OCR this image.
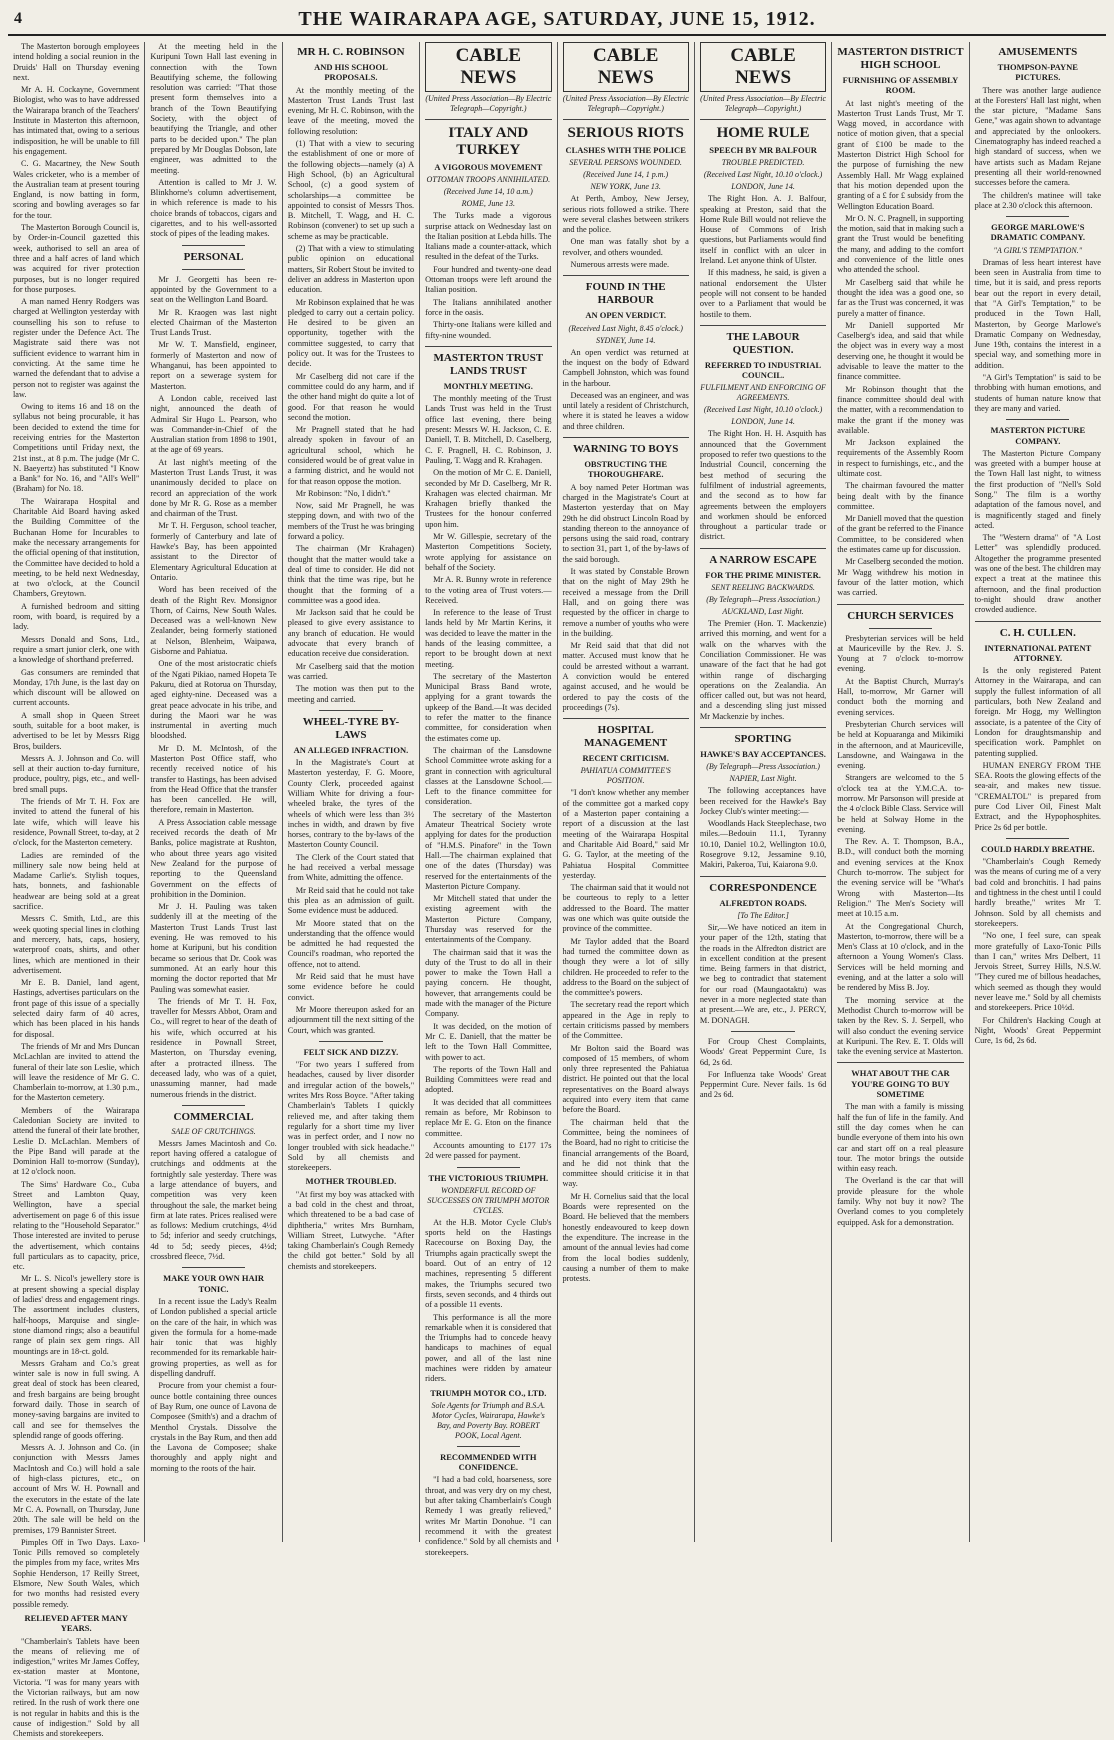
4	THE WAIRARAPA AGE, SATURDAY, JUNE 15, 1912.

The Masterton borough employees intend holding a social reunion in the Druids' Hall on Thursday evening next.

Mr A. H. Cockayne, Government Biologist, who was to have addressed the Wairarapa branch of the Teachers' Institute in Masterton this afternoon, has intimated that, owing to a serious indisposition, he will be unable to fill his engagement.

C. G. Macartney, the New South Wales cricketer, who is a member of the Australian team at present touring England, is now batting in form, scoring and bowling averages so far for the tour.

The Masterton Borough Council is, by Order-in-Council gazetted this week, authorised to sell an area of three and a half acres of land which was acquired for river protection purposes, but is no longer required for those purposes.

A man named Henry Rodgers was charged at Wellington yesterday with counselling his son to refuse to register under the Defence Act. The Magistrate said there was not sufficient evidence to warrant him in convicting. At the same time he warned the defendant that to advise a person not to register was against the law.

Owing to items 16 and 18 on the syllabus not being procurable, it has been decided to extend the time for receiving entries for the Masterton Competitions until Friday next, the 21st inst., at 8 p.m. The judge (Mr C. N. Baeyertz) has substituted "I Know a Bank" for No. 16, and "All's Well" (Braham) for No. 18.

The Wairarapa Hospital and Charitable Aid Board having asked the Building Committee of the Buchanan Home for Incurables to make the necessary arrangements for the official opening of that institution, the Committee have decided to hold a meeting, to be held next Wednesday, at two o'clock, at the Council Chambers, Greytown.

A furnished bedroom and sitting room, with board, is required by a lady.

Messrs Donald and Sons, Ltd., require a smart junior clerk, one with a knowledge of shorthand preferred.

Gas consumers are reminded that Monday, 17th June, is the last day on which discount will be allowed on current accounts.

A small shop in Queen Street south, suitable for a boot maker, is advertised to be let by Messrs Rigg Bros, builders.

Messrs A. J. Johnson and Co. will sell at their auction to-day furniture, produce, poultry, pigs, etc., and well-bred small pups.

The friends of Mr T. H. Fox are invited to attend the funeral of his late wife, which will leave his residence, Pownall Street, to-day, at 2 o'clock, for the Masterton cemetery.

Ladies are reminded of the millinery sale now being held at Madame Carlie's. Stylish toques, hats, bonnets, and fashionable headwear are being sold at a great sacrifice.

Messrs C. Smith, Ltd., are this week quoting special lines in clothing and mercery, hats, caps, hosiery, waterproof coats, shirts, and other lines, which are mentioned in their advertisement.

Mr E. B. Daniel, land agent, Hastings, advertises particulars on the front page of this issue of a specially selected dairy farm of 40 acres, which has been placed in his hands for disposal.

The friends of Mr and Mrs Duncan McLachlan are invited to attend the funeral of their late son Leslie, which will leave the residence of Mr G. C. Chamberlain to-morrow, at 1.30 p.m., for the Masterton cemetery.

Members of the Wairarapa Caledonian Society are invited to attend the funeral of their late brother, Leslie D. McLachlan. Members of the Pipe Band will parade at the Dominion Hall to-morrow (Sunday), at 12 o'clock noon.

The Sims' Hardware Co., Cuba Street and Lambton Quay, Wellington, have a special advertisement on page 6 of this issue relating to the "Household Separator." Those interested are invited to peruse the advertisement, which contains full particulars as to capacity, price, etc.

Mr L. S. Nicol's jewellery store is at present showing a special display of ladies' dress and engagement rings. The assortment includes clusters, half-hoops, Marquise and single-stone diamond rings; also a beautiful range of plain sex gem rings. All mountings are in 18-ct. gold.

Messrs Graham and Co.'s great winter sale is now in full swing. A great deal of stock has been cleared, and fresh bargains are being brought forward daily. Those in search of money-saving bargains are invited to call and see for themselves the splendid range of goods offering.

Messrs A. J. Johnson and Co. (in conjunction with Messrs James MacIntosh and Co.) will hold a sale of high-class pictures, etc., on account of Mrs W. H. Pownall and the executors in the estate of the late Mr C. A. Pownall, on Thursday, June 20th. The sale will be held on the premises, 179 Bannister Street.

Pimples Off in Two Days. Laxo-Tonic Pills removed so completely the pimples from my face, writes Mrs Sophie Henderson, 17 Reilly Street, Elsmore, New South Wales, which for two months had resisted every possible remedy.

RELIEVED AFTER MANY YEARS.

"Chamberlain's Tablets have been the means of relieving me of indigestion," writes Mr James Coffey, ex-station master at Montone, Victoria. "I was for many years with the Victorian railways, but am now retired. In the rush of work there one is not regular in habits and this is the cause of indigestion." Sold by all Chemists and storekeepers.

At the meeting held in the Kuripuni Town Hall last evening in connection with the Town Beautifying scheme, the following resolution was carried: "That those present form themselves into a branch of the Town Beautifying Society, with the object of beautifying the Triangle, and other parts to be decided upon." The plan prepared by Mr Douglas Dobson, late engineer, was admitted to the meeting.

Attention is called to Mr J. W. Blinkhorne's column advertisement, in which reference is made to his choice brands of tobaccos, cigars and cigarettes, and to his well-assorted stock of pipes of the leading makes.

PERSONAL

Mr J. Georgetti has been re-appointed by the Government to a seat on the Wellington Land Board.

Mr R. Kraogen was last night elected Chairman of the Masterton Trust Lands Trust.

Mr W. T. Mansfield, engineer, formerly of Masterton and now of Whanganui, has been appointed to report on a sewerage system for Masterton.

A London cable, received last night, announced the death of Admiral Sir Hugo L. Pearson, who was Commander-in-Chief of the Australian station from 1898 to 1901, at the age of 69 years.

At last night's meeting of the Masterton Trust Lands Trust, it was unanimously decided to place on record an appreciation of the work done by Mr R. G. Rose as a member and chairman of the Trust.

Mr T. H. Ferguson, school teacher, formerly of Canterbury and late of Hawke's Bay, has been appointed assistant to the Director of Elementary Agricultural Education at Ontario.

Word has been received of the death of the Right Rev. Monsignor Thorn, of Cairns, New South Wales. Deceased was a well-known New Zealander, being formerly stationed at Nelson, Blenheim, Waipawa, Gisborne and Pahiatua.

One of the most aristocratic chiefs of the Ngati Pikiao, named Hopeta Te Pakuru, died at Rotorua on Thursday, aged eighty-nine. Deceased was a great peace advocate in his tribe, and during the Maori war he was instrumental in averting much bloodshed.

Mr D. M. McIntosh, of the Masterton Post Office staff, who recently received notice of his transfer to Hastings, has been advised from the Head Office that the transfer has been cancelled. He will, therefore, remain in Masterton.

A Press Association cable message received records the death of Mr Banks, police magistrate at Rushton, who about three years ago visited New Zealand for the purpose of reporting to the Queensland Government on the effects of prohibition in the Dominion.

Mr J. H. Pauling was taken suddenly ill at the meeting of the Masterton Trust Lands Trust last evening. He was removed to his home at Kuripuni, but his condition became so serious that Dr. Cook was summoned. At an early hour this morning the doctor reported that Mr Pauling was somewhat easier.

The friends of Mr T. H. Fox, traveller for Messrs Abbot, Oram and Co., will regret to hear of the death of his wife, which occurred at his residence in Pownall Street, Masterton, on Thursday evening, after a protracted illness. The deceased lady, who was of a quiet, unassuming manner, had made numerous friends in the district.

COMMERCIAL
SALE OF CRUTCHINGS.

Messrs James Macintosh and Co. report having offered a catalogue of crutchings and oddments at the fortnightly sale yesterday. There was a large attendance of buyers, and competition was very keen throughout the sale, the market being firm at late rates. Prices realised were as follows: Medium crutchings, 4½d to 5d; inferior and seedy crutchings, 4d to 5d; seedy pieces, 4½d; crossbred fleece, 7½d.

MAKE YOUR OWN HAIR TONIC.

In a recent issue the Lady's Realm of London published a special article on the care of the hair, in which was given the formula for a home-made hair tonic that was highly recommended for its remarkable hair-growing properties, as well as for dispelling dandruff.

Procure from your chemist a four-ounce bottle containing three ounces of Bay Rum, one ounce of Lavona de Composee (Smith's) and a drachm of Menthol Crystals. Dissolve the crystals in the Bay Rum, and then add the Lavona de Composee; shake thoroughly and apply night and morning to the roots of the hair.

MR H. C. ROBINSON
AND HIS SCHOOL PROPOSALS.

At the monthly meeting of the Masterton Trust Lands Trust last evening, Mr H. C. Robinson, with the leave of the meeting, moved the following resolution:

(1) That with a view to securing the establishment of one or more of the following objects—namely (a) A High School, (b) an Agricultural School, (c) a good system of scholarships—a committee be appointed to consist of Messrs Thos. B. Mitchell, T. Wagg, and H. C. Robinson (convener) to set up such a scheme as may be practicable.

(2) That with a view to stimulating public opinion on educational matters, Sir Robert Stout be invited to deliver an address in Masterton upon education.

Mr Robinson explained that he was pledged to carry out a certain policy. He desired to be given an opportunity, together with the committee suggested, to carry that policy out. It was for the Trustees to decide.

Mr Caselberg did not care if the committee could do any harm, and if the other hand might do quite a lot of good. For that reason he would second the motion.

Mr Pragnell stated that he had already spoken in favour of an agricultural school, which he considered would be of great value in a farming district, and he would not for that reason oppose the motion.

Mr Robinson: "No, I didn't."

Now, said Mr Pragnell, he was stepping down, and with two of the members of the Trust he was bringing forward a policy.

The chairman (Mr Krahagen) thought that the matter would take a deal of time to consider. He did not think that the time was ripe, but he thought that the forming of a committee was a good idea.

Mr Jackson said that he could be pleased to give every assistance to any branch of education. He would advocate that every branch of education receive due consideration.

Mr Caselberg said that the motion was carried.

The motion was then put to the meeting and carried.

WHEEL-TYRE BY-LAWS
AN ALLEGED INFRACTION.

In the Magistrate's Court at Masterton yesterday, F. G. Moore, County Clerk, proceeded against William White for driving a four-wheeled brake, the tyres of the wheels of which were less than 3½ inches in width, and drawn by five horses, contrary to the by-laws of the Masterton County Council.

The Clerk of the Court stated that he had received a verbal message from White, admitting the offence.

Mr Reid said that he could not take this plea as an admission of guilt. Some evidence must be adduced.

Mr Moore stated that on the understanding that the offence would be admitted he had requested the Council's roadman, who reported the offence, not to attend.

Mr Reid said that he must have some evidence before he could convict.

Mr Moore thereupon asked for an adjournment till the next sitting of the Court, which was granted.

FELT SICK AND DIZZY.

"For two years I suffered from headaches, caused by liver disorder and irregular action of the bowels," writes Mrs Ross Boyce. "After taking Chamberlain's Tablets I quickly relieved me, and after taking them regularly for a short time my liver was in perfect order, and I now no longer troubled with sick headache." Sold by all chemists and storekeepers.

MOTHER TROUBLED.

"At first my boy was attacked with a bad cold in the chest and throat, which threatened to be a bad case of diphtheria," writes Mrs Burnham, William Street, Lutwyche. "After taking Chamberlain's Cough Remedy the child got better." Sold by all chemists and storekeepers.

CABLE NEWS
(United Press Association—By Electric Telegraph—Copyright.)
ITALY AND TURKEY
A VIGOROUS MOVEMENT
OTTOMAN TROOPS ANNIHILATED.
(Received June 14, 10 a.m.)
ROME, June 13.

The Turks made a vigorous surprise attack on Wednesday last on the Italian position at Lebda hills. The Italians made a counter-attack, which resulted in the defeat of the Turks.

Four hundred and twenty-one dead Ottoman troops were left around the Italian position.

The Italians annihilated another force in the oasis.

Thirty-one Italians were killed and fifty-nine wounded.

MASTERTON TRUST LANDS TRUST
MONTHLY MEETING.

The monthly meeting of the Trust Lands Trust was held in the Trust office last evening, there being present: Messrs W. H. Jackson, C. E. Daniell, T. B. Mitchell, D. Caselberg, C. F. Pragnell, H. C. Robinson, J. Pauling, T. Wagg and R. Krahagen.

On the motion of Mr C. E. Daniell, seconded by Mr D. Caselberg, Mr R. Krahagen was elected chairman. Mr Krahagen briefly thanked the Trustees for the honour conferred upon him.

Mr W. Gillespie, secretary of the Masterton Competitions Society, wrote applying for assistance on behalf of the Society.

Mr A. R. Bunny wrote in reference to the voting area of Trust voters.—Received.

In reference to the lease of Trust lands held by Mr Martin Kerins, it was decided to leave the matter in the hands of the leasing committee, a report to be brought down at next meeting.

The secretary of the Masterton Municipal Brass Band wrote, applying for a grant towards the upkeep of the Band.—It was decided to refer the matter to the finance committee, for consideration when the estimates come up.

The chairman of the Lansdowne School Committee wrote asking for a grant in connection with agricultural classes at the Lansdowne School.—Left to the finance committee for consideration.

The secretary of the Masterton Amateur Theatrical Society wrote applying for dates for the production of "H.M.S. Pinafore" in the Town Hall.—The chairman explained that one of the dates (Thursday) was reserved for the entertainments of the Masterton Picture Company.

Mr Mitchell stated that under the existing agreement with the Masterton Picture Company, Thursday was reserved for the entertainments of the Company.

The chairman said that it was the duty of the Trust to do all in their power to make the Town Hall a paying concern. He thought, however, that arrangements could be made with the manager of the Picture Company.

It was decided, on the motion of Mr C. E. Daniell, that the matter be left to the Town Hall Committee, with power to act.

The reports of the Town Hall and Building Committees were read and adopted.

It was decided that all committees remain as before, Mr Robinson to replace Mr E. G. Eton on the finance committee.

Accounts amounting to £177 17s 2d were passed for payment.

THE VICTORIOUS TRIUMPH.
WONDERFUL RECORD OF SUCCESSES ON TRIUMPH MOTOR CYCLES.

At the H.B. Motor Cycle Club's sports held on the Hastings Racecourse on Boxing Day, the Triumphs again practically swept the board. Out of an entry of 12 machines, representing 5 different makes, the Triumphs secured two firsts, seven seconds, and 4 thirds out of a possible 11 events.

This performance is all the more remarkable when it is considered that the Triumphs had to concede heavy handicaps to machines of equal power, and all of the last nine machines were ridden by amateur riders.

TRIUMPH MOTOR CO., LTD.
Sole Agents for Triumph and B.S.A. Motor Cycles, Wairarapa, Hawke's Bay, and Poverty Bay. ROBERT POOK, Local Agent.
RECOMMENDED WITH CONFIDENCE.

"I had a bad cold, hoarseness, sore throat, and was very dry on my chest, but after taking Chamberlain's Cough Remedy I was greatly relieved," writes Mr Martin Donohue. "I can recommend it with the greatest confidence." Sold by all chemists and storekeepers.

CABLE NEWS
(United Press Association—By Electric Telegraph—Copyright.)
SERIOUS RIOTS
CLASHES WITH THE POLICE
SEVERAL PERSONS WOUNDED.
(Received June 14, 1 p.m.)
NEW YORK, June 13.

At Perth, Amboy, New Jersey, serious riots followed a strike. There were several clashes between strikers and the police.

One man was fatally shot by a revolver, and others wounded.

Numerous arrests were made.

FOUND IN THE HARBOUR
AN OPEN VERDICT.
(Received Last Night, 8.45 o'clock.)
SYDNEY, June 14.

An open verdict was returned at the inquest on the body of Edward Campbell Johnston, which was found in the harbour.

Deceased was an engineer, and was until lately a resident of Christchurch, where it is stated he leaves a widow and three children.

WARNING TO BOYS
OBSTRUCTING THE THOROUGHFARE.

A boy named Peter Hortman was charged in the Magistrate's Court at Masterton yesterday that on May 29th he did obstruct Lincoln Road by standing thereon to the annoyance of persons using the said road, contrary to section 31, part 1, of the by-laws of the said borough.

It was stated by Constable Brown that on the night of May 29th he received a message from the Drill Hall, and on going there was requested by the officer in charge to remove a number of youths who were in the building.

Mr Reid said that that did not matter. Accused must know that he could be arrested without a warrant. A conviction would be entered against accused, and he would be ordered to pay the costs of the proceedings (7s).

HOSPITAL MANAGEMENT
RECENT CRITICISM.
PAHIATUA COMMITTEE'S POSITION.

"I don't know whether any member of the committee got a marked copy of a Masterton paper containing a report of a discussion at the last meeting of the Wairarapa Hospital and Charitable Aid Board," said Mr G. G. Taylor, at the meeting of the Pahiatua Hospital Committee yesterday.

The chairman said that it would not be courteous to reply to a letter addressed to the Board. The matter was one which was quite outside the province of the committee.

Mr Taylor added that the Board had turned the committee down as though they were a lot of silly children. He proceeded to refer to the address to the Board on the subject of the committee's powers.

The secretary read the report which appeared in the Age in reply to certain criticisms passed by members of the Committee.

Mr Bolton said the Board was composed of 15 members, of whom only three represented the Pahiatua district. He pointed out that the local representatives on the Board always acquired into every item that came before the Board.

The chairman held that the Committee, being the nominees of the Board, had no right to criticise the financial arrangements of the Board, and he did not think that the committee should criticise it in that way.

Mr H. Cornelius said that the local Boards were represented on the Board. He believed that the members honestly endeavoured to keep down the expenditure. The increase in the amount of the annual levies had come from the local bodies suddenly, causing a number of them to make protests.

CABLE NEWS
(United Press Association—By Electric Telegraph—Copyright.)
HOME RULE
SPEECH BY MR BALFOUR
TROUBLE PREDICTED.
(Received Last Night, 10.10 o'clock.)
LONDON, June 14.

The Right Hon. A. J. Balfour, speaking at Preston, said that the Home Rule Bill would not relieve the House of Commons of Irish questions, but Parliaments would find itself in conflict with an ulcer in Ireland. Let anyone think of Ulster.

If this madness, he said, is given a national endorsement the Ulster people will not consent to be handed over to a Parliament that would be hostile to them.

THE LABOUR QUESTION.
REFERRED TO INDUSTRIAL COUNCIL.
FULFILMENT AND ENFORCING OF AGREEMENTS.
(Received Last Night, 10.10 o'clock.)
LONDON, June 14.

The Right Hon. H. H. Asquith has announced that the Government proposed to refer two questions to the Industrial Council, concerning the best method of securing the fulfilment of industrial agreements, and the second as to how far agreements between the employers and workmen should be enforced throughout a particular trade or district.

A NARROW ESCAPE
FOR THE PRIME MINISTER.
SENT REELING BACKWARDS.
(By Telegraph—Press Association.)
AUCKLAND, Last Night.

The Premier (Hon. T. Mackenzie) arrived this morning, and went for a walk on the wharves with the Conciliation Commissioner. He was unaware of the fact that he had got within range of discharging operations on the Zealandia. An officer called out, but was not heard, and a descending sling just missed Mr Mackenzie by inches.

SPORTING
HAWKE'S BAY ACCEPTANCES.
(By Telegraph—Press Association.)
NAPIER, Last Night.

The following acceptances have been received for the Hawke's Bay Jockey Club's winter meeting:—

Woodlands Hack Steeplechase, two miles.—Bedouin 11.1, Tyranny 10.10, Daniel 10.2, Wellington 10.0, Rosegrove 9.12, Jessamine 9.10, Makiri, Pakeroa, Tui, Kaiarona 9.0.

CORRESPONDENCE
ALFREDTON ROADS.
[To The Editor.]

Sir,—We have noticed an item in your paper of the 12th, stating that the roads in the Alfredton district are in excellent condition at the present time. Being farmers in that district, we beg to contradict that statement for our road (Maungaotaktu) was never in a more neglected state than at present.—We are, etc., J. PERCY, M. DONAGH.

For Croup Chest Complaints, Woods' Great Peppermint Cure, 1s 6d, 2s 6d.

For Influenza take Woods' Great Peppermint Cure. Never fails. 1s 6d and 2s 6d.

MASTERTON DISTRICT HIGH SCHOOL
FURNISHING OF ASSEMBLY ROOM.

At last night's meeting of the Masterton Trust Lands Trust, Mr T. Wagg moved, in accordance with notice of motion given, that a special grant of £100 be made to the Masterton District High School for the purpose of furnishing the new Assembly Hall. Mr Wagg explained that his motion depended upon the granting of a £ for £ subsidy from the Wellington Education Board.

Mr O. N. C. Pragnell, in supporting the motion, said that in making such a grant the Trust would be benefiting the many, and adding to the comfort and convenience of the little ones who attended the school.

Mr Caselberg said that while he thought the idea was a good one, so far as the Trust was concerned, it was purely a matter of finance.

Mr Daniell supported Mr Caselberg's idea, and said that while the object was in every way a most deserving one, he thought it would be advisable to leave the matter to the finance committee.

Mr Robinson thought that the finance committee should deal with the matter, with a recommendation to make the grant if the money was available.

Mr Jackson explained the requirements of the Assembly Room in respect to furnishings, etc., and the ultimate cost.

The chairman favoured the matter being dealt with by the finance committee.

Mr Daniell moved that the question of the grant be referred to the Finance Committee, to be considered when the estimates came up for discussion.

Mr Caselberg seconded the motion. Mr Wagg withdrew his motion in favour of the latter motion, which was carried.

CHURCH SERVICES

Presbyterian services will be held at Mauriceville by the Rev. J. S. Young at 7 o'clock to-morrow evening.

At the Baptist Church, Murray's Hall, to-morrow, Mr Garner will conduct both the morning and evening services.

Presbyterian Church services will be held at Kopuaranga and Mikimiki in the afternoon, and at Mauriceville, Lansdowne, and Waingawa in the evening.

Strangers are welcomed to the 5 o'clock tea at the Y.M.C.A. to-morrow. Mr Parsonson will preside at the 4 o'clock Bible Class. Service will be held at Solway Home in the evening.

The Rev. A. T. Thompson, B.A., B.D., will conduct both the morning and evening services at the Knox Church to-morrow. The subject for the evening service will be "What's Wrong with Masterton—Its Religion." The Men's Society will meet at 10.15 a.m.

At the Congregational Church, Masterton, to-morrow, there will be a Men's Class at 10 o'clock, and in the afternoon a Young Women's Class. Services will be held morning and evening, and at the latter a solo will be rendered by Miss B. Joy.

The morning service at the Methodist Church to-morrow will be taken by the Rev. S. J. Serpell, who will also conduct the evening service at Kuripuni. The Rev. E. T. Olds will take the evening service at Masterton.

WHAT ABOUT THE CAR YOU'RE GOING TO BUY SOMETIME

The man with a family is missing half the fun of life in the family. And still the day comes when he can bundle everyone of them into his own car and start off on a real pleasure tour. The motor brings the outside within easy reach.

The Overland is the car that will provide pleasure for the whole family. Why not buy it now? The Overland comes to you completely equipped. Ask for a demonstration.

AMUSEMENTS
THOMPSON-PAYNE PICTURES.

There was another large audience at the Foresters' Hall last night, when the star picture, "Madame Sans Gene," was again shown to advantage and appreciated by the onlookers. Cinematography has indeed reached a high standard of success, when we have artists such as Madam Rejane presenting all their world-renowned successes before the camera.

The children's matinee will take place at 2.30 o'clock this afternoon.

GEORGE MARLOWE'S DRAMATIC COMPANY.
"A GIRL'S TEMPTATION."

Dramas of less heart interest have been seen in Australia from time to time, but it is said, and press reports bear out the report in every detail, that "A Girl's Temptation," to be produced in the Town Hall, Masterton, by George Marlowe's Dramatic Company on Wednesday, June 19th, contains the interest in a special way, and something more in addition.

"A Girl's Temptation" is said to be throbbing with human emotions, and students of human nature know that they are many and varied.

MASTERTON PICTURE COMPANY.

The Masterton Picture Company was greeted with a bumper house at the Town Hall last night, to witness the first production of "Nell's Sold Song." The film is a worthy adaptation of the famous novel, and is magnificently staged and finely acted.

The "Western drama" of "A Lost Letter" was splendidly produced. Altogether the programme presented was one of the best. The children may expect a treat at the matinee this afternoon, and the final production to-night should draw another crowded audience.

C. H. CULLEN.
INTERNATIONAL PATENT ATTORNEY.

Is the only registered Patent Attorney in the Wairarapa, and can supply the fullest information of all particulars, both New Zealand and foreign. Mr Hogg, my Wellington associate, is a patentee of the City of London for draughtsmanship and specification work. Pamphlet on patenting supplied.

HUMAN ENERGY FROM THE SEA. Roots the glowing effects of the sea-air, and makes new tissue. "CREMALTOL" is prepared from pure Cod Liver Oil, Finest Malt Extract, and the Hypophosphites. Price 2s 6d per bottle.

COULD HARDLY BREATHE.

"Chamberlain's Cough Remedy was the means of curing me of a very bad cold and bronchitis. I had pains and tightness in the chest until I could hardly breathe," writes Mr T. Johnson. Sold by all chemists and storekeepers.

"No one, I feel sure, can speak more gratefully of Laxo-Tonic Pills than I can," writes Mrs Delbert, 11 Jervois Street, Surrey Hills, N.S.W. "They cured me of billous headaches, which seemed as though they would never leave me." Sold by all chemists and storekeepers. Price 10½d.

For Children's Hacking Cough at Night, Woods' Great Peppermint Cure, 1s 6d, 2s 6d.
